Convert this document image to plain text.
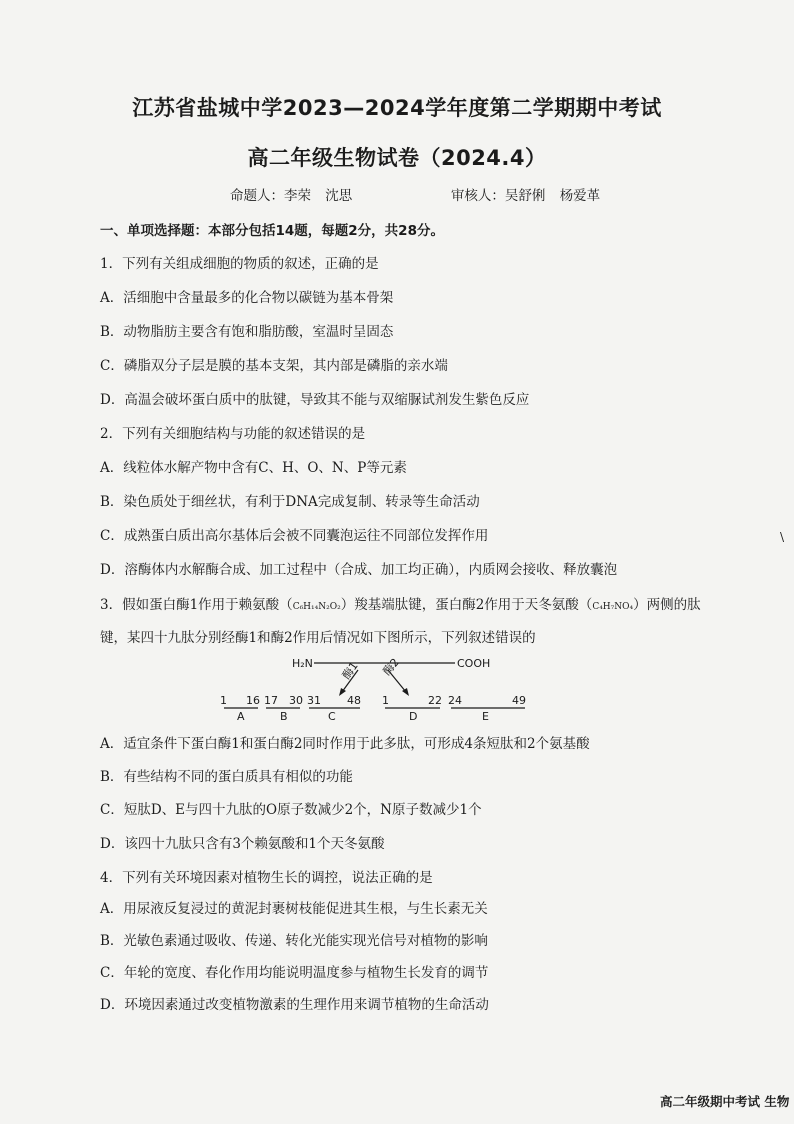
江苏省盐城中学2023—2024学年度第二学期期中考试
高二年级生物试卷（2024.4）
命题人：李荣 沈思	审核人：吴舒俐 杨爱革
一、单项选择题：本部分包括14题，每题2分，共28分。
1．下列有关组成细胞的物质的叙述，正确的是
A．活细胞中含量最多的化合物以碳链为基本骨架
B．动物脂肪主要含有饱和脂肪酸，室温时呈固态
C．磷脂双分子层是膜的基本支架，其内部是磷脂的亲水端
D．高温会破坏蛋白质中的肽键，导致其不能与双缩脲试剂发生紫色反应
2．下列有关细胞结构与功能的叙述错误的是
A．线粒体水解产物中含有C、H、O、N、P等元素
B．染色质处于细丝状，有利于DNA完成复制、转录等生命活动
C．成熟蛋白质出高尔基体后会被不同囊泡运往不同部位发挥作用
D．溶酶体内水解酶合成、加工过程中（合成、加工均正确），内质网会接收、释放囊泡
3．假如蛋白酶1作用于赖氨酸（C₆H₁₄N₂O₂）羧基端肽键，蛋白酶2作用于天冬氨酸（C₄H₇NO₄）两侧的肽
键，某四十九肽分别经酶1和酶2作用后情况如下图所示，下列叙述错误的
H₂N	COOH
酶1 酶2
1 16 17 30 31 48
A	B	C
1	22 24	49
D	E
A．适宜条件下蛋白酶1和蛋白酶2同时作用于此多肽，可形成4条短肽和2个氨基酸
B．有些结构不同的蛋白质具有相似的功能
C．短肽D、E与四十九肽的O原子数减少2个，N原子数减少1个
D．该四十九肽只含有3个赖氨酸和1个天冬氨酸
4．下列有关环境因素对植物生长的调控，说法正确的是
A．用尿液反复浸过的黄泥封裹树枝能促进其生根，与生长素无关
B．光敏色素通过吸收、传递、转化光能实现光信号对植物的影响
C．年轮的宽度、春化作用均能说明温度参与植物生长发育的调节
D．环境因素通过改变植物激素的生理作用来调节植物的生命活动
\
高二年级期中考试 生物
